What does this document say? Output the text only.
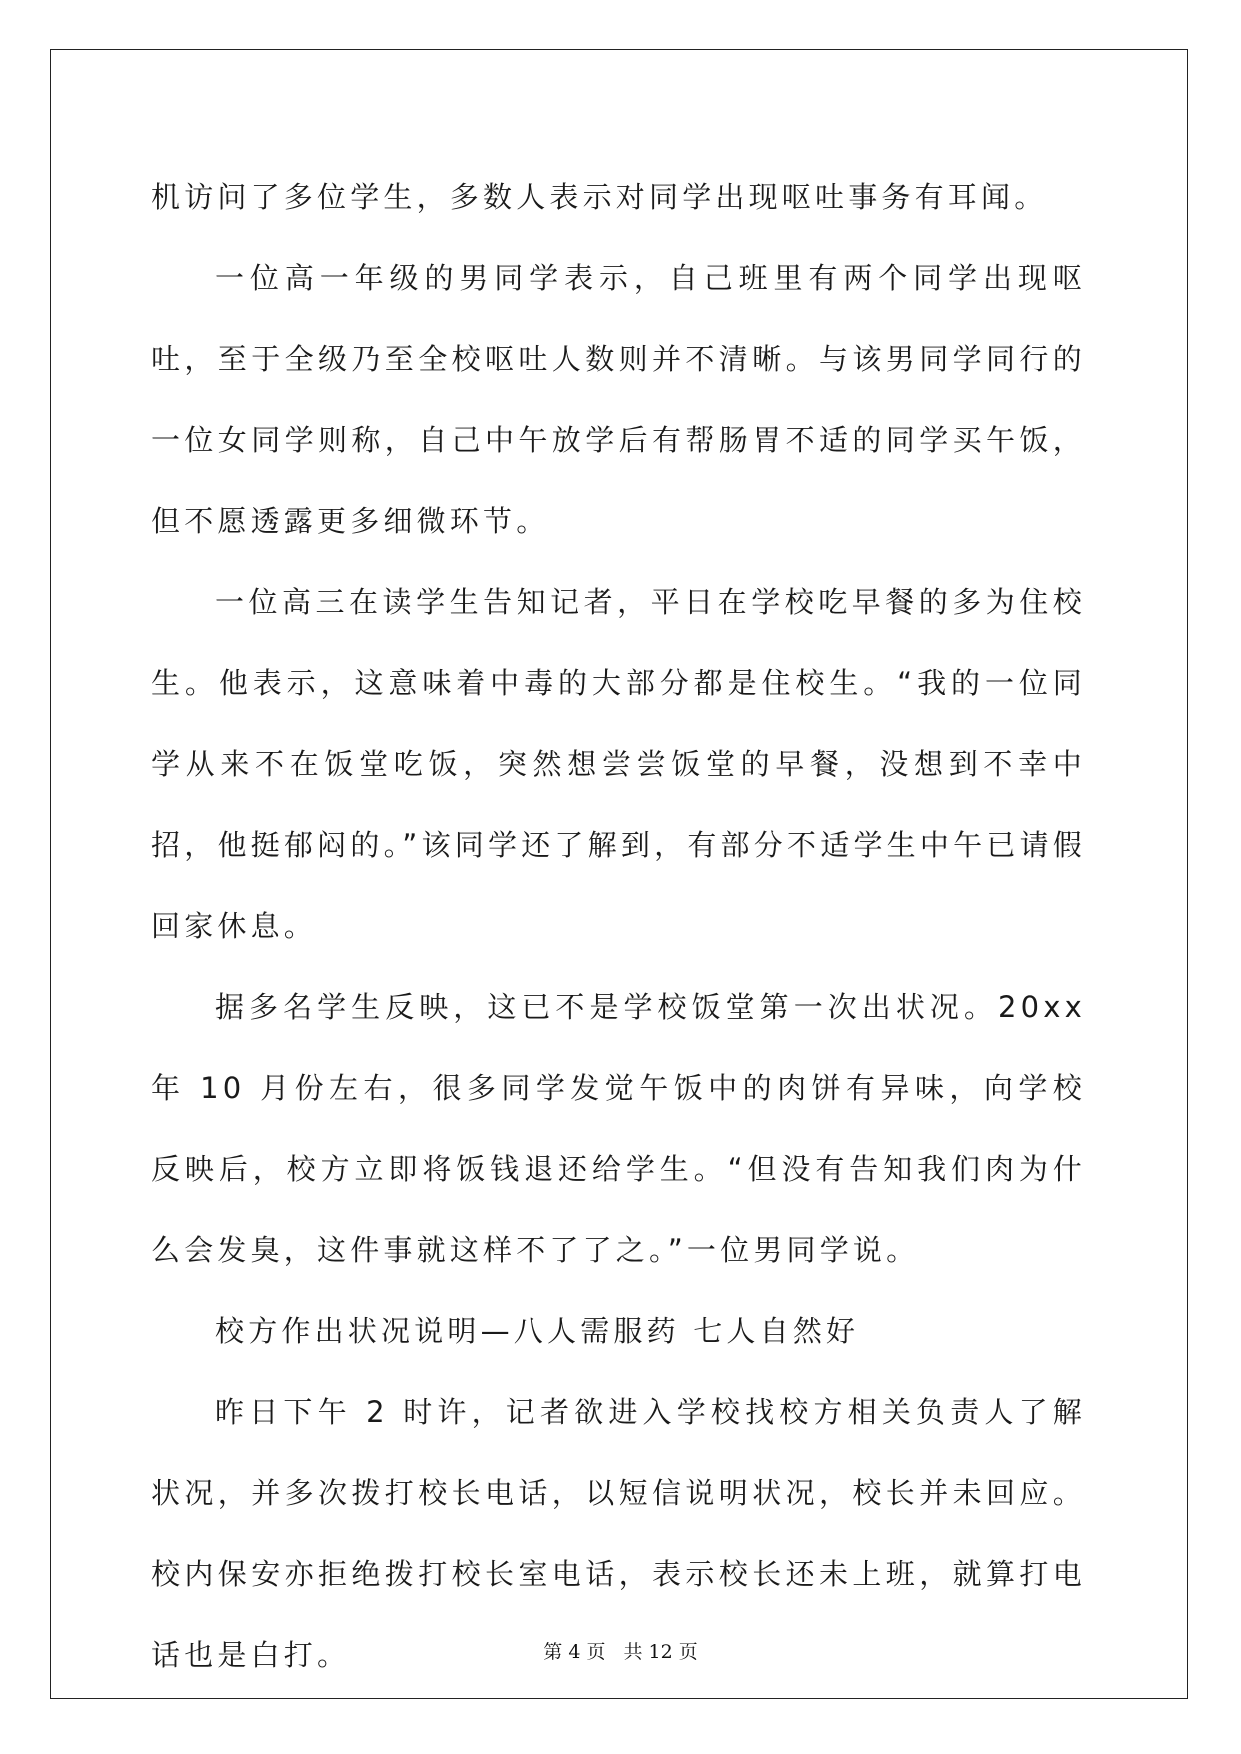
机访问了多位学生，多数人表示对同学出现呕吐事务有耳闻。

一位高一年级的男同学表示，自己班里有两个同学出现呕吐，至于全级乃至全校呕吐人数则并不清晰。与该男同学同行的一位女同学则称，自己中午放学后有帮肠胃不适的同学买午饭，但不愿透露更多细微环节。

一位高三在读学生告知记者，平日在学校吃早餐的多为住校生。他表示，这意味着中毒的大部分都是住校生。“我的一位同学从来不在饭堂吃饭，突然想尝尝饭堂的早餐，没想到不幸中招，他挺郁闷的。”该同学还了解到，有部分不适学生中午已请假回家休息。

据多名学生反映，这已不是学校饭堂第一次出状况。20xx 年 10 月份左右，很多同学发觉午饭中的肉饼有异味，向学校反映后，校方立即将饭钱退还给学生。“但没有告知我们肉为什么会发臭，这件事就这样不了了之。”一位男同学说。

校方作出状况说明—八人需服药 七人自然好

昨日下午 2 时许，记者欲进入学校找校方相关负责人了解状况，并多次拨打校长电话，以短信说明状况，校长并未回应。校内保安亦拒绝拨打校长室电话，表示校长还未上班，就算打电话也是白打。	第 4 页 共 12 页
